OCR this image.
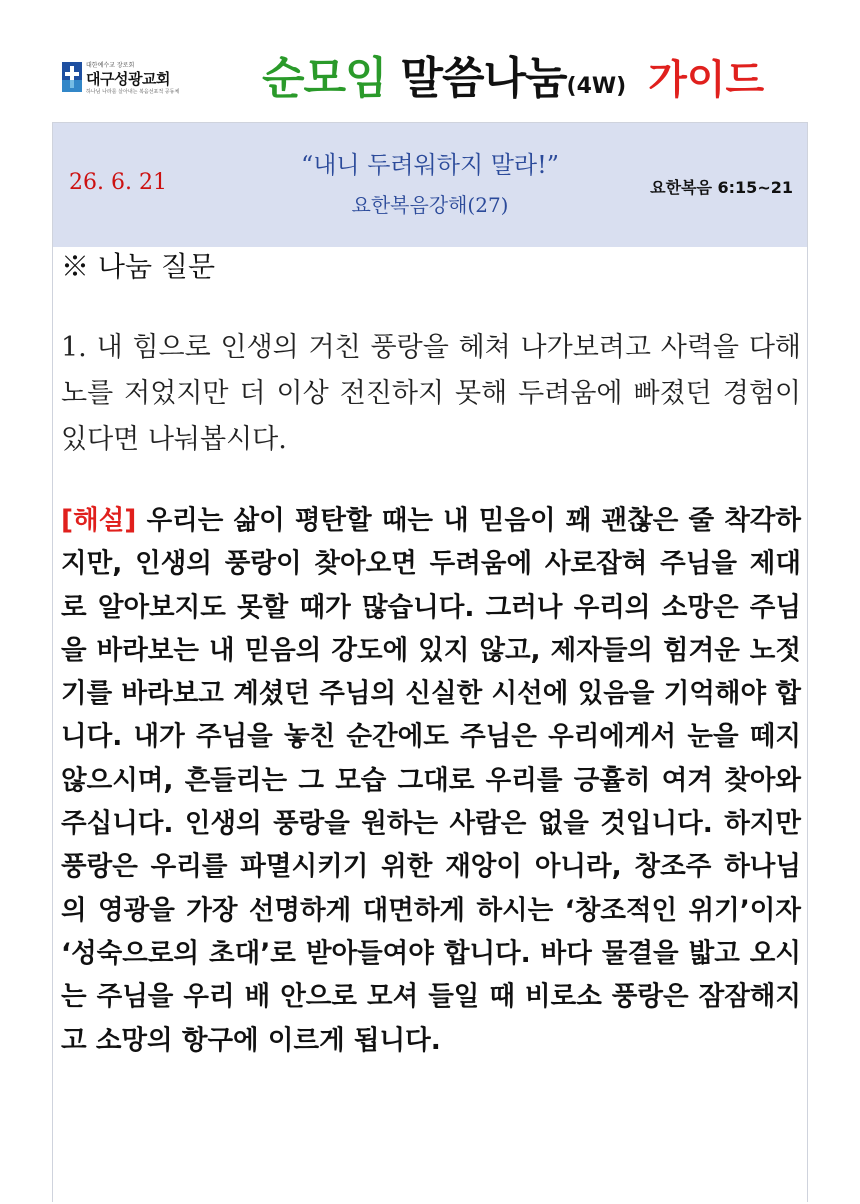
대한예수교 장로회
대구성광교회
하나님 나라를 살아내는 복음선포적 공동체 순모임 말씀나눔(4W) 가이드
26. 6. 21
“내니 두려워하지 말라!”
요한복음강해(27)
요한복음 6:15~21

※ 나눔 질문

1. 내 힘으로 인생의 거친 풍랑을 헤쳐 나가보려고 사력을 다해 노를 저었지만 더 이상 전진하지 못해 두려움에 빠졌던 경험이 있다면 나눠봅시다.

[해설] 우리는 삶이 평탄할 때는 내 믿음이 꽤 괜찮은 줄 착각하지만, 인생의 풍랑이 찾아오면 두려움에 사로잡혀 주님을 제대로 알아보지도 못할 때가 많습니다. 그러나 우리의 소망은 주님을 바라보는 내 믿음의 강도에 있지 않고, 제자들의 힘겨운 노젓기를 바라보고 계셨던 주님의 신실한 시선에 있음을 기억해야 합니다. 내가 주님을 놓친 순간에도 주님은 우리에게서 눈을 떼지 않으시며, 흔들리는 그 모습 그대로 우리를 긍휼히 여겨 찾아와 주십니다. 인생의 풍랑을 원하는 사람은 없을 것입니다. 하지만 풍랑은 우리를 파멸시키기 위한 재앙이 아니라, 창조주 하나님의 영광을 가장 선명하게 대면하게 하시는 ‘창조적인 위기’이자 ‘성숙으로의 초대’로 받아들여야 합니다. 바다 물결을 밟고 오시는 주님을 우리 배 안으로 모셔 들일 때 비로소 풍랑은 잠잠해지고 소망의 항구에 이르게 됩니다.
